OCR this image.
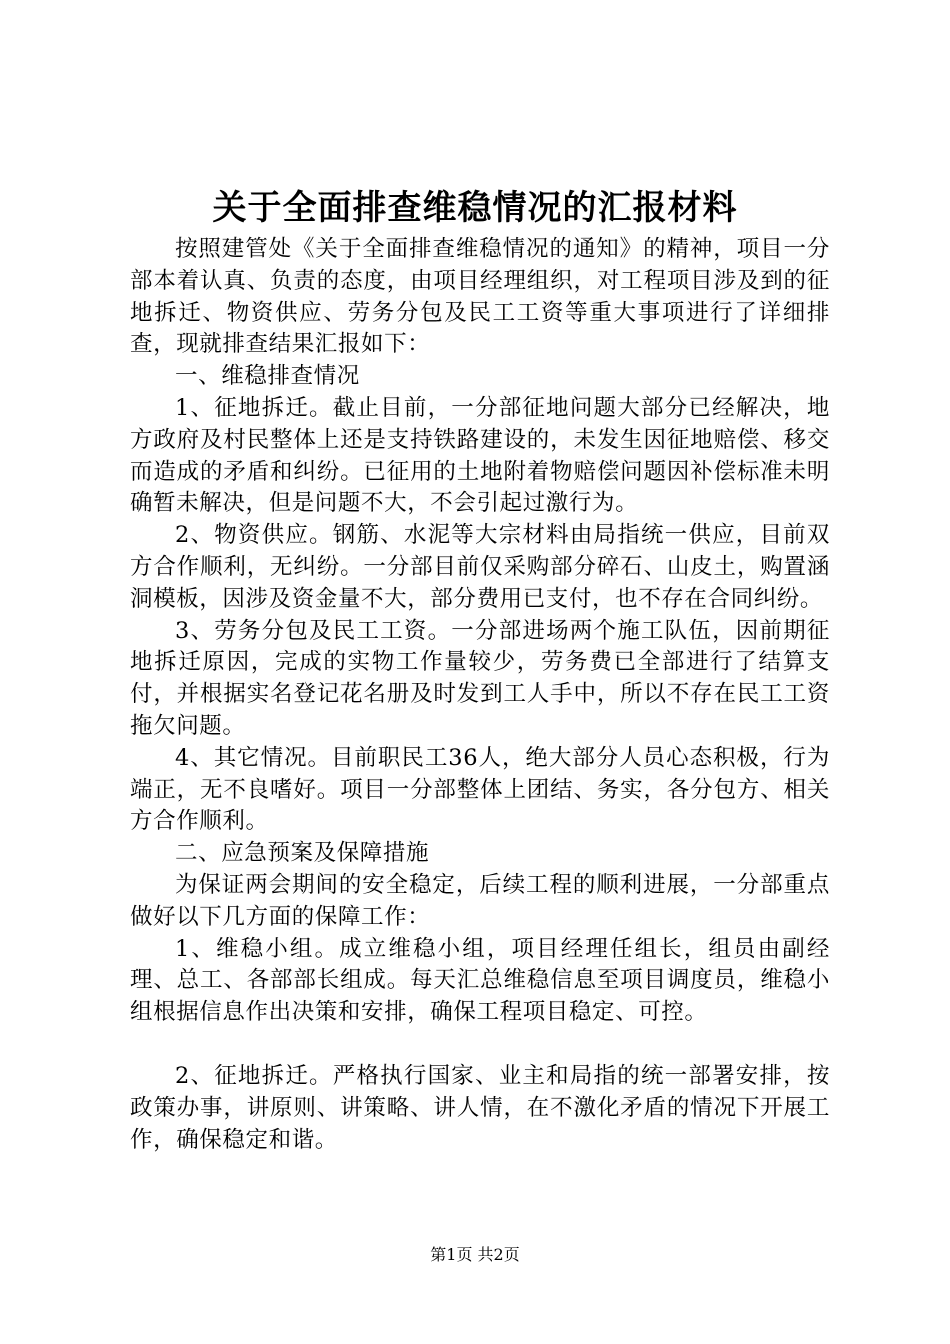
关于全面排查维稳情况的汇报材料

按照建管处《关于全面排查维稳情况的通知》的精神，项目一分部本着认真、负责的态度，由项目经理组织，对工程项目涉及到的征地拆迁、物资供应、劳务分包及民工工资等重大事项进行了详细排查，现就排查结果汇报如下：

一、维稳排查情况

1、征地拆迁。截止目前，一分部征地问题大部分已经解决，地方政府及村民整体上还是支持铁路建设的，未发生因征地赔偿、移交而造成的矛盾和纠纷。已征用的土地附着物赔偿问题因补偿标准未明确暂未解决，但是问题不大，不会引起过激行为。

2、物资供应。钢筋、水泥等大宗材料由局指统一供应，目前双方合作顺利，无纠纷。一分部目前仅采购部分碎石、山皮土，购置涵洞模板，因涉及资金量不大，部分费用已支付，也不存在合同纠纷。

3、劳务分包及民工工资。一分部进场两个施工队伍，因前期征地拆迁原因，完成的实物工作量较少，劳务费已全部进行了结算支付，并根据实名登记花名册及时发到工人手中，所以不存在民工工资拖欠问题。

4、其它情况。目前职民工36人，绝大部分人员心态积极，行为端正，无不良嗜好。项目一分部整体上团结、务实，各分包方、相关方合作顺利。

二、应急预案及保障措施

为保证两会期间的安全稳定，后续工程的顺利进展，一分部重点做好以下几方面的保障工作：

1、维稳小组。成立维稳小组，项目经理任组长，组员由副经理、总工、各部部长组成。每天汇总维稳信息至项目调度员，维稳小组根据信息作出决策和安排，确保工程项目稳定、可控。

2、征地拆迁。严格执行国家、业主和局指的统一部署安排，按政策办事，讲原则、讲策略、讲人情，在不激化矛盾的情况下开展工作，确保稳定和谐。

第1页 共2页
